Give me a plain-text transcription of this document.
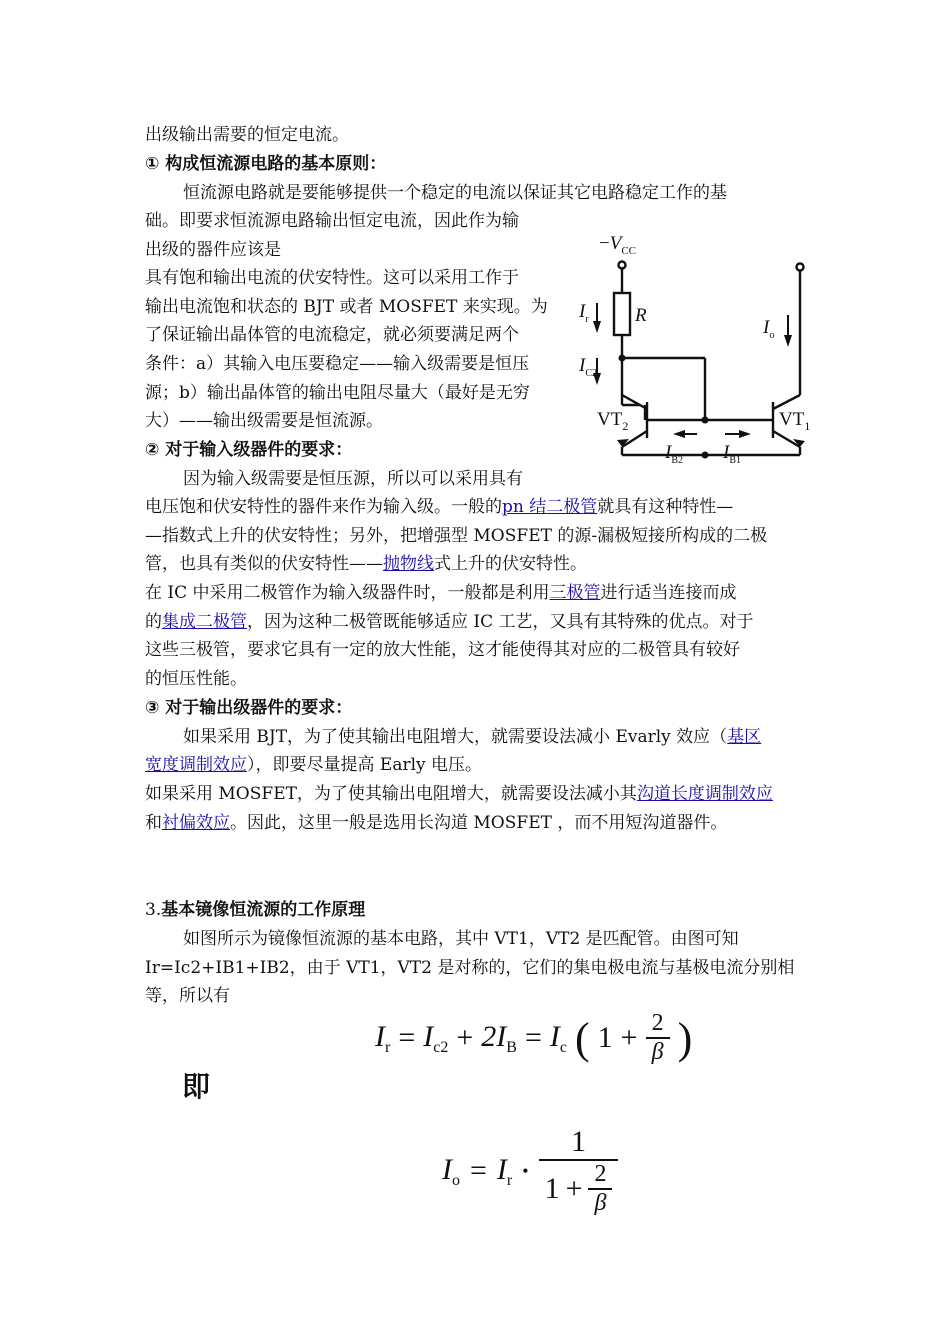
出级输出需要的恒定电流。
① 构成恒流源电路的基本原则：
恒流源电路就是要能够提供一个稳定的电流以保证其它电路稳定工作的基
础。即要求恒流源电路输出恒定电流，因此作为输
出级的器件应该是
具有饱和输出电流的伏安特性。这可以采用工作于
输出电流饱和状态的 BJT 或者 MOSFET 来实现。为
了保证输出晶体管的电流稳定，就必须要满足两个
条件：a）其输入电压要稳定——输入级需要是恒压
源；b）输出晶体管的输出电阻尽量大（最好是无穷
大）——输出级需要是恒流源。
② 对于输入级器件的要求：
因为输入级需要是恒压源，所以可以采用具有
电压饱和伏安特性的器件来作为输入级。一般的pn 结二极管就具有这种特性—
—指数式上升的伏安特性；另外，把增强型 MOSFET 的源-漏极短接所构成的二极
管，也具有类似的伏安特性——抛物线式上升的伏安特性。
在 IC 中采用二极管作为输入级器件时，一般都是利用三极管进行适当连接而成
的集成二极管，因为这种二极管既能够适应 IC 工艺，又具有其特殊的优点。对于
这些三极管，要求它具有一定的放大性能，这才能使得其对应的二极管具有较好
的恒压性能。
③ 对于输出级器件的要求：
如果采用 BJT，为了使其输出电阻增大，就需要设法减小 Evarly 效应（基区
宽度调制效应），即要尽量提高 Early 电压。
如果采用 MOSFET，为了使其输出电阻增大，就需要设法减小其沟道长度调制效应
和衬偏效应。因此，这里一般是选用长沟道 MOSFET ，而不用短沟道器件。
3.基本镜像恒流源的工作原理
如图所示为镜像恒流源的基本电路，其中 VT1，VT2 是匹配管。由图可知
Ir=Ic2+IB1+IB2，由于 VT1，VT2 是对称的，它们的集电极电流与基极电流分别相
等，所以有
$-V_{CC}$
R
$I_r$	$I_o$
$I_{C2}$
$VT_2$	$VT_1$
$I_{B2}$ $I_{B1}$
$I_r = I_{c2} + 2I_B = I_c$ ( $1 + \frac{2}{\beta}$ )
即
$I_o = I_r$ • $\frac{1}{1 + \frac{2}{\beta}}$
